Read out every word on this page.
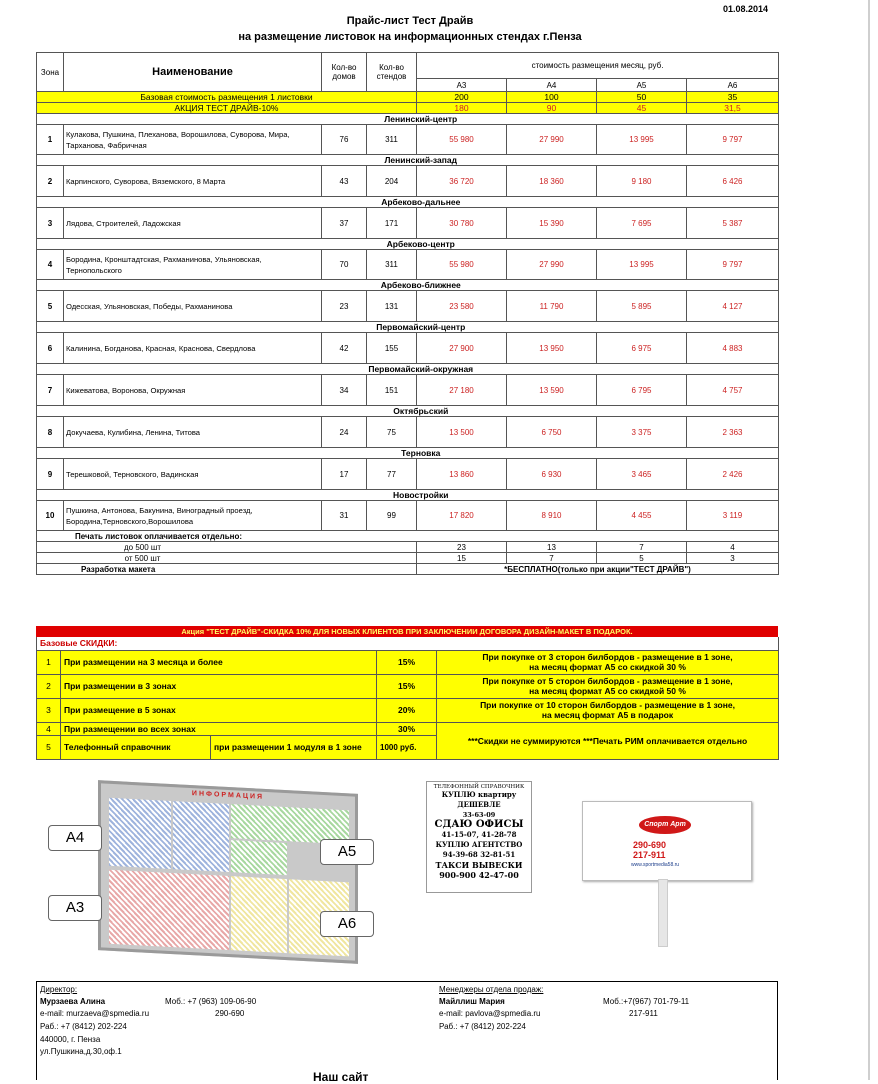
01.08.2014
Прайс-лист Тест Драйв
на размещение листовок на информационных стендах г.Пенза
Зона	Наименование	Кол-во домов	Кол-во стендов	стоимость размещения месяц, руб.			
				А3	А4	А5	А6
Базовая стоимость размещения 1 листовки				200	100	50	35
АКЦИЯ ТЕСТ ДРАЙВ-10%				180	90	45	31,5
	Ленинский-центр						
1	Кулакова, Пушкина, Плеханова, Ворошилова, Суворова, Мира, Тарханова, Фабричная	76	311	55 980	27 990	13 995	9 797
	Ленинский-запад						
2	Карпинского, Суворова, Вяземского, 8 Марта	43	204	36 720	18 360	9 180	6 426
	Арбеково-дальнее						
3	Лядова, Строителей, Ладожская	37	171	30 780	15 390	7 695	5 387
	Арбеково-центр						
4	Бородина, Кронштадтская, Рахманинова, Ульяновская, Тернопольского	70	311	55 980	27 990	13 995	9 797
	Арбеково-ближнее						
5	Одесская, Ульяновская, Победы, Рахманинова	23	131	23 580	11 790	5 895	4 127
	Первомайский-центр						
6	Калинина, Богданова, Красная, Краснова, Свердлова	42	155	27 900	13 950	6 975	4 883
	Первомайский-окружная						
7	Кижеватова, Воронова, Окружная	34	151	27 180	13 590	6 795	4 757
	Октябрьский						
8	Докучаева, Кулибина, Ленина, Титова	24	75	13 500	6 750	3 375	2 363
	Терновка						
9	Терешковой, Терновского, Вадинская	17	77	13 860	6 930	3 465	2 426
	Новостройки						
10	Пушкина, Антонова, Бакунина, Виноградный проезд, Бородина,Терновского,Ворошилова	31	99	17 820	8 910	4 455	3 119
Печать листовок оплачивается отдельно:							
до 500 шт				23	13	7	4
от 500 шт				15	7	5	3
Разработка макета				*БЕСПЛАТНО(только при акции"ТЕСТ ДРАЙВ")			
Акция "ТЕСТ ДРАЙВ"-СКИДКА 10% ДЛЯ НОВЫХ КЛИЕНТОВ ПРИ ЗАКЛЮЧЕНИИ ДОГОВОРА ДИЗАЙН-МАКЕТ В ПОДАРОК.
Базовые СКИДКИ:				
1	При размещении на 3 месяца и более		15%	При покупке от 3 сторон билбордов - размещение в 1 зоне,
на месяц формат А5 со скидкой 30 %
2	При размещении в 3 зонах		15%	При покупке от 5 сторон билбордов - размещение в 1 зоне,
на месяц формат А5 со скидкой 50 %
3	При размещение в 5 зонах		20%	При покупке от 10 сторон билбордов - размещение в 1 зоне,
на месяц формат А5 в подарок
4	При размещении во всех зонах		30%	***Скидки не суммируются ***Печать РИМ оплачивается отдельно
5	Телефонный справочник	при размещении 1 модуля в 1 зоне	1000 руб.	
ИНФОРМАЦИЯ
А4
А5
А3
А6
ТЕЛЕФОННЫЙ СПРАВОЧНИК
КУПЛЮ квартиру ДЕШЕВЛЕ
33-63-09
СДАЮ ОФИСЫ
41-15-07, 41-28-78
КУПЛЮ АГЕНТСТВО
94-39-68 32-81-51
ТАКСИ ВЫВЕСКИ
900-900 42-47-00
Спорт Арт
290-690
217-911
www.sportmedia58.ru
Директор:
Мурзаева Алина	Моб.: +7 (963) 109-06-90
290-690
e-mail: murzaeva@spmedia.ru
Раб.: +7 (8412) 202-224
440000, г. Пенза
ул.Пушкина,д.30,оф.1
Менеджеры отдела продаж:
Майллиш Мария	Моб.:+7(967) 701-79-11
217-911
e-mail: pavlova@spmedia.ru
Раб.: +7 (8412) 202-224
Наш сайт
